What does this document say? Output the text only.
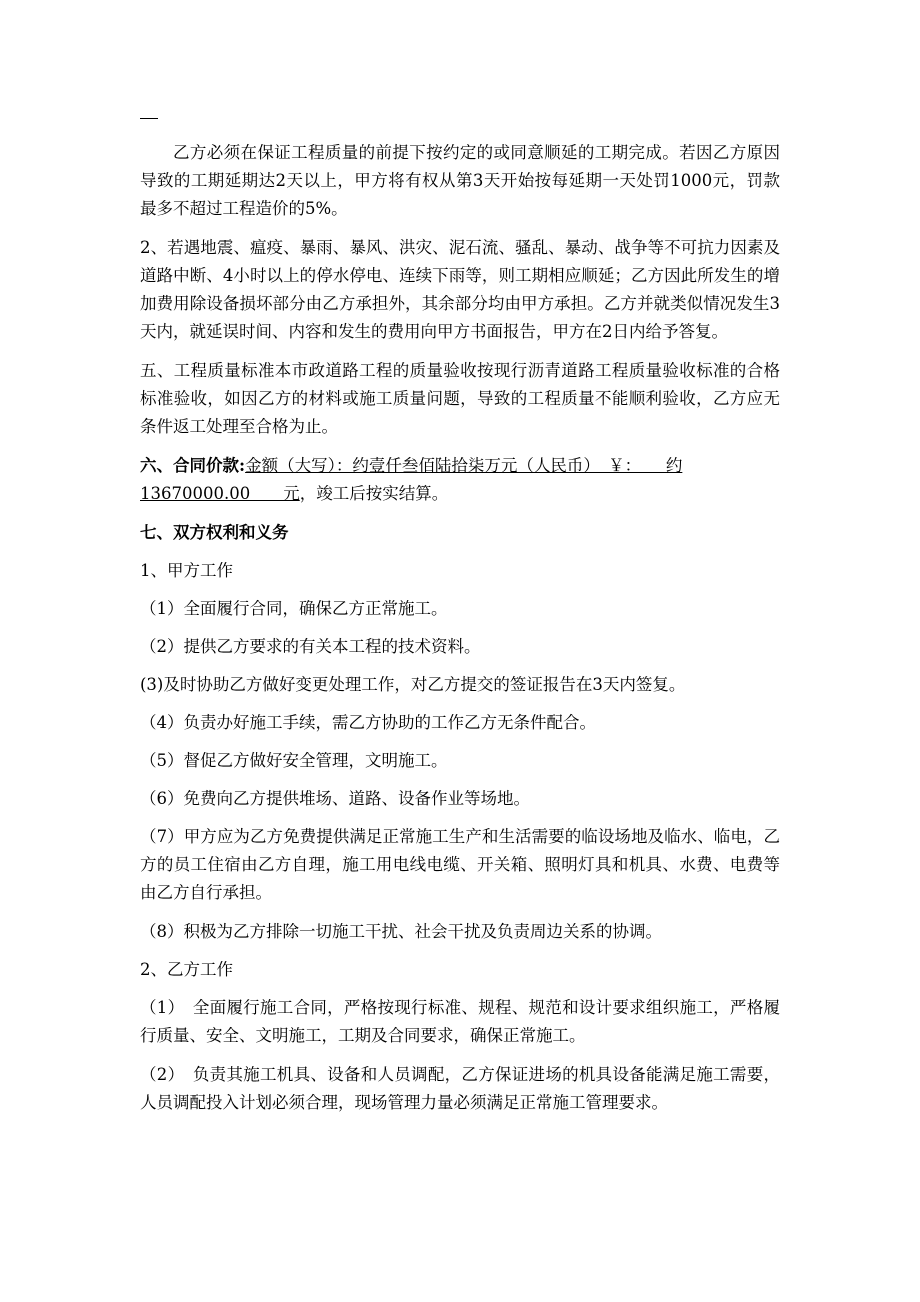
乙方必须在保证工程质量的前提下按约定的或同意顺延的工期完成。若因乙方原因导致的工期延期达2天以上，甲方将有权从第3天开始按每延期一天处罚1000元，罚款最多不超过工程造价的5%。

2、若遇地震、瘟疫、暴雨、暴风、洪灾、泥石流、骚乱、暴动、战争等不可抗力因素及道路中断、4小时以上的停水停电、连续下雨等，则工期相应顺延；乙方因此所发生的增加费用除设备损坏部分由乙方承担外，其余部分均由甲方承担。乙方并就类似情况发生3天内，就延误时间、内容和发生的费用向甲方书面报告，甲方在2日内给予答复。

五、工程质量标准本市政道路工程的质量验收按现行沥青道路工程质量验收标准的合格标准验收，如因乙方的材料或施工质量问题，导致的工程质量不能顺利验收，乙方应无条件返工处理至合格为止。

六、合同价款:金额（大写）：约壹仟叁佰陆拾柒万元（人民币）　￥：　　约
13670000.00　　元，竣工后按实结算。

七、双方权利和义务

1、甲方工作

（1）全面履行合同，确保乙方正常施工。

（2）提供乙方要求的有关本工程的技术资料。

(3)及时协助乙方做好变更处理工作，对乙方提交的签证报告在3天内签复。

（4）负责办好施工手续，需乙方协助的工作乙方无条件配合。

（5）督促乙方做好安全管理，文明施工。

（6）免费向乙方提供堆场、道路、设备作业等场地。

（7）甲方应为乙方免费提供满足正常施工生产和生活需要的临设场地及临水、临电，乙方的员工住宿由乙方自理，施工用电线电缆、开关箱、照明灯具和机具、水费、电费等由乙方自行承担。

（8）积极为乙方排除一切施工干扰、社会干扰及负责周边关系的协调。

2、乙方工作

（1）　全面履行施工合同，严格按现行标准、规程、规范和设计要求组织施工，严格履行质量、安全、文明施工，工期及合同要求，确保正常施工。

（2）　负责其施工机具、设备和人员调配，乙方保证进场的机具设备能满足施工需要，人员调配投入计划必须合理，现场管理力量必须满足正常施工管理要求。
